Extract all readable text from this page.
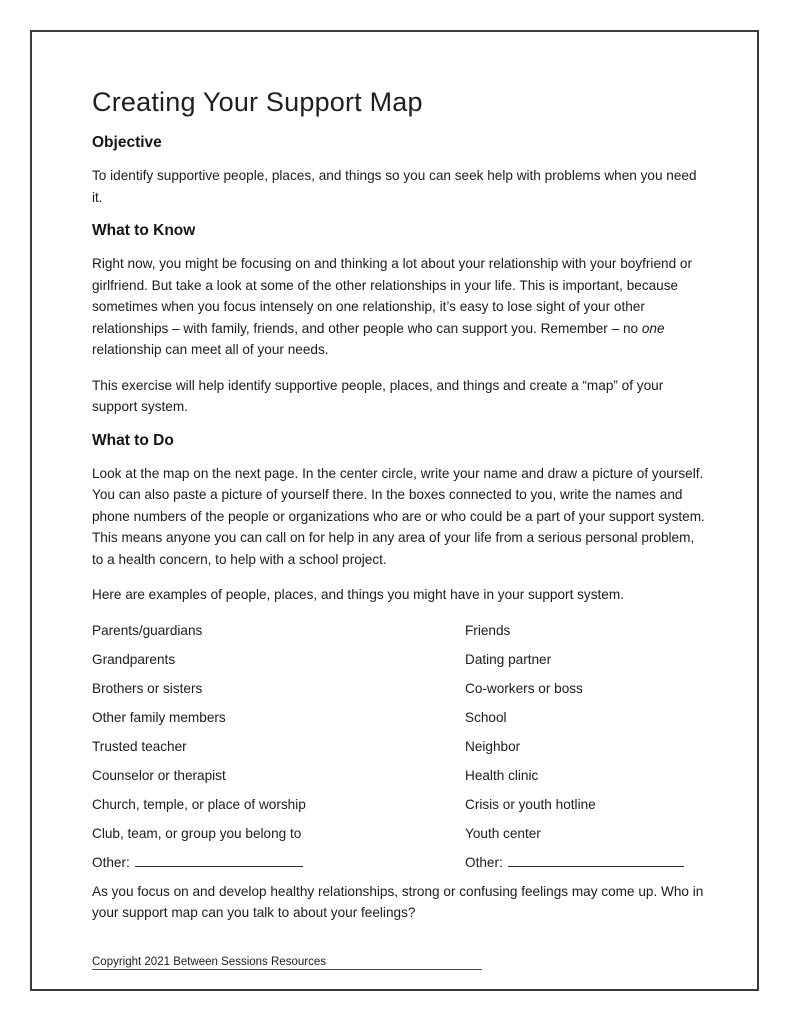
Creating Your Support Map
Objective

To identify supportive people, places, and things so you can seek help with problems when you need it.

What to Know

Right now, you might be focusing on and thinking a lot about your relationship with your boyfriend or girlfriend. But take a look at some of the other relationships in your life. This is important, because sometimes when you focus intensely on one relationship, it’s easy to lose sight of your other relationships – with family, friends, and other people who can support you. Remember – no one relationship can meet all of your needs.

This exercise will help identify supportive people, places, and things and create a “map” of your support system.

What to Do

Look at the map on the next page. In the center circle, write your name and draw a picture of yourself. You can also paste a picture of yourself there. In the boxes connected to you, write the names and phone numbers of the people or organizations who are or who could be a part of your support system. This means anyone you can call on for help in any area of your life from a serious personal problem, to a health concern, to help with a school project.

Here are examples of people, places, and things you might have in your support system.

Parents/guardians	Friends
Grandparents	Dating partner
Brothers or sisters	Co-workers or boss
Other family members	School
Trusted teacher	Neighbor
Counselor or therapist	Health clinic
Church, temple, or place of worship	Crisis or youth hotline
Club, team, or group you belong to	Youth center
Other:	Other:

As you focus on and develop healthy relationships, strong or confusing feelings may come up. Who in your support map can you talk to about your feelings?

Copyright 2021 Between Sessions Resources
